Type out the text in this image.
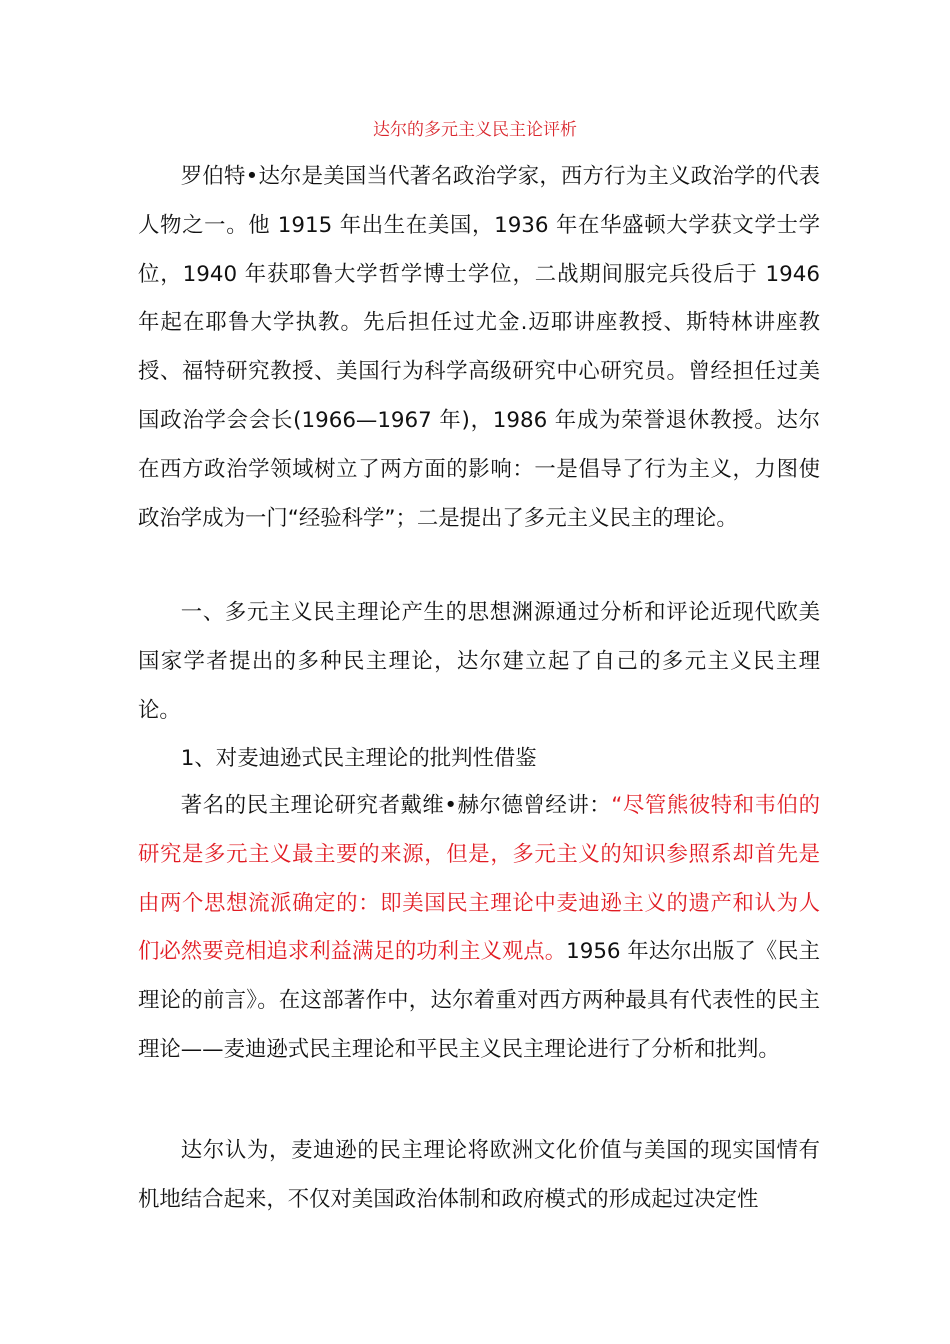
达尔的多元主义民主论评析

罗伯特•达尔是美国当代著名政治学家，西方行为主义政治学的代表人物之一。他 1915 年出生在美国，1936 年在华盛顿大学获文学士学位，1940 年获耶鲁大学哲学博士学位，二战期间服完兵役后于 1946 年起在耶鲁大学执教。先后担任过尤金.迈耶讲座教授、斯特林讲座教授、福特研究教授、美国行为科学高级研究中心研究员。曾经担任过美国政治学会会长(1966—1967 年)，1986 年成为荣誉退休教授。达尔在西方政治学领域树立了两方面的影响：一是倡导了行为主义，力图使政治学成为一门“经验科学”；二是提出了多元主义民主的理论。

一、多元主义民主理论产生的思想渊源通过分析和评论近现代欧美国家学者提出的多种民主理论，达尔建立起了自己的多元主义民主理论。

1、对麦迪逊式民主理论的批判性借鉴

著名的民主理论研究者戴维•赫尔德曾经讲：“尽管熊彼特和韦伯的研究是多元主义最主要的来源，但是，多元主义的知识参照系却首先是由两个思想流派确定的：即美国民主理论中麦迪逊主义的遗产和认为人们必然要竞相追求利益满足的功利主义观点。1956 年达尔出版了《民主理论的前言》。在这部著作中，达尔着重对西方两种最具有代表性的民主理论——麦迪逊式民主理论和平民主义民主理论进行了分析和批判。

达尔认为，麦迪逊的民主理论将欧洲文化价值与美国的现实国情有机地结合起来，不仅对美国政治体制和政府模式的形成起过决定性
